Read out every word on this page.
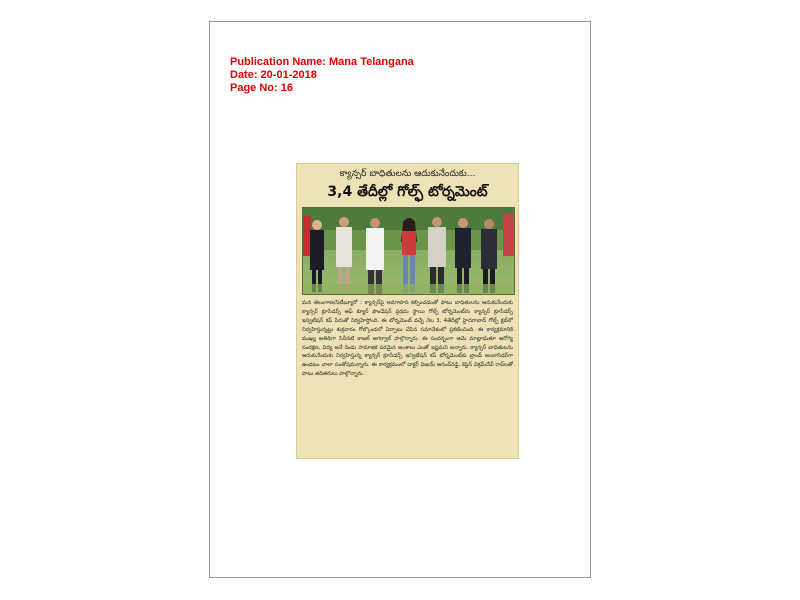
Publication Name: Mana Telangana
Date: 20-01-2018
Page No: 16
క్యాన్సర్ బాధితులను ఆదుకునేందుకు...
3,4 తేదీల్లో గోల్ఫ్ టోర్నమెంట్
మన తెలంగాణ/సిటీబ్యూరో : క్యాన్సర్‌పై అవగాహన కల్పించడంతో పాటు బాధితులను ఆదుకునేందుకు క్యాన్సర్ క్రూసేడర్స్ ఆఫ్ క్యూర్ ఫౌండేషన్ ప్రథమ స్థాయి గోల్ఫ్ టోర్నమెంట్‌ను క్యాన్సర్ క్రూసేడర్స్ ఇన్విటేషన్ కప్ పేరుతో నిర్వహిస్తోంది. ఈ టోర్నమెంట్ వచ్చే నెల 3, 4తేదీల్లో హైదరాబాద్ గోల్ఫ్ క్లబ్‌లో నిర్వహిస్తున్నట్టు శుక్రవారం గోల్కొండలో ఏర్పాటు చేసిన సమావేశంలో ప్రకటించింది. ఈ కార్యక్రమానికి ముఖ్య అతిథిగా సినీనటి కాజల్ అగర్వాల్ పాల్గొన్నారు. ఈ సందర్భంగా ఆమె మాట్లాడుతూ ఆరోగ్య సంరక్షణ, విద్య అనే రెండు సామాజిక పరమైన అంశాలు ఎంతో ఇష్టమని అన్నారు. క్యాన్సర్ బాధితులను ఆదుకునేందుకు నిర్వహిస్తున్న క్యాన్సర్ క్రూసేడర్స్ ఇన్విటేషన్ కప్ టోర్నమెంట్‌కు బ్రాండ్ అంబాసిడర్‌గా ఉండటం చాలా సంతోషమన్నారు. ఈ కార్యక్రమంలో డాక్టర్ విజయ్ ఆనంద్‌రెడ్డి, కెప్టెన్ విక్రమ్‌దేవ్ రావ్‌లతో పాటు తదితరులు పాల్గొన్నారు.
